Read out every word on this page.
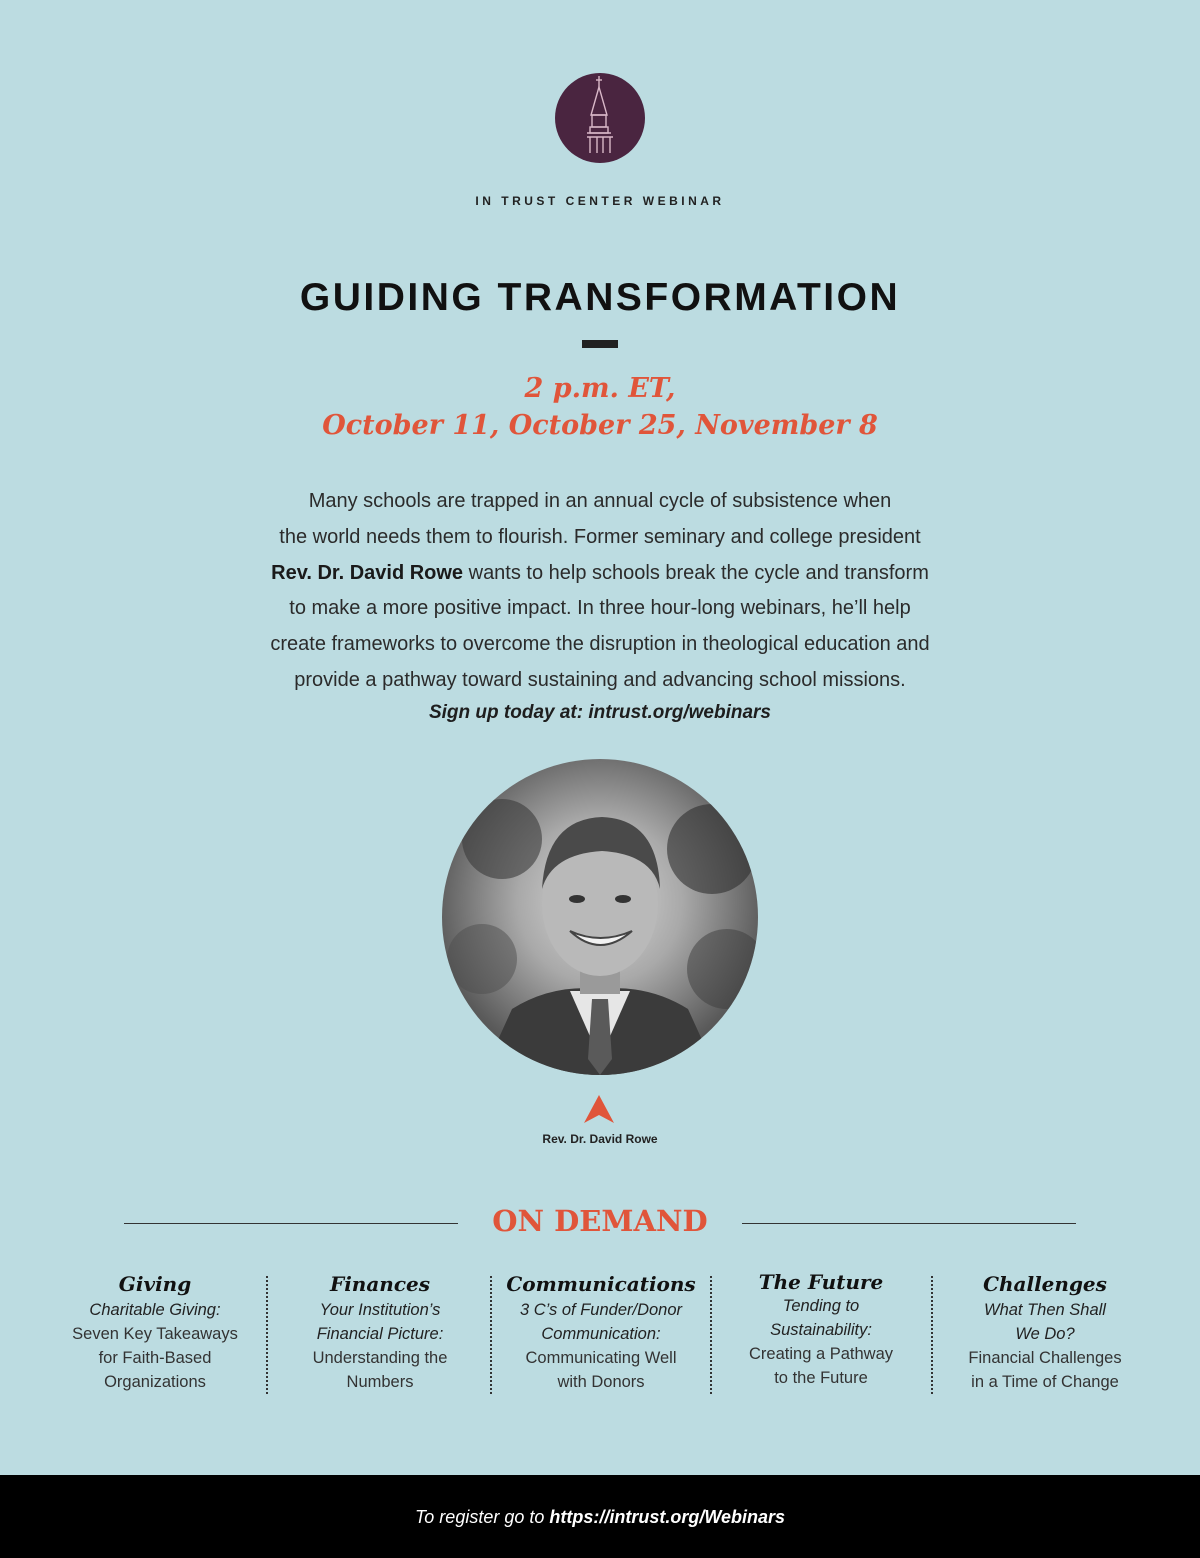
IN TRUST CENTER WEBINAR
GUIDING TRANSFORMATION
2 p.m. ET,
October 11, October 25, November 8
Many schools are trapped in an annual cycle of subsistence when
the world needs them to flourish. Former seminary and college president
Rev. Dr. David Rowe wants to help schools break the cycle and transform
to make a more positive impact. In three hour-long webinars, he’ll help
create frameworks to overcome the disruption in theological education and
provide a pathway toward sustaining and advancing school missions.
Sign up today at: intrust.org/webinars
Rev. Dr. David Rowe
ON DEMAND
Giving
Charitable Giving:
Seven Key Takeaways
for Faith-Based
Organizations
Finances
Your Institution’s
Financial Picture:
Understanding the
Numbers
Communications
3 C’s of Funder/Donor
Communication:
Communicating Well
with Donors
The Future
Tending to
Sustainability:
Creating a Pathway
to the Future
Challenges
What Then Shall
We Do?
Financial Challenges
in a Time of Change
To register go to https://intrust.org/Webinars
